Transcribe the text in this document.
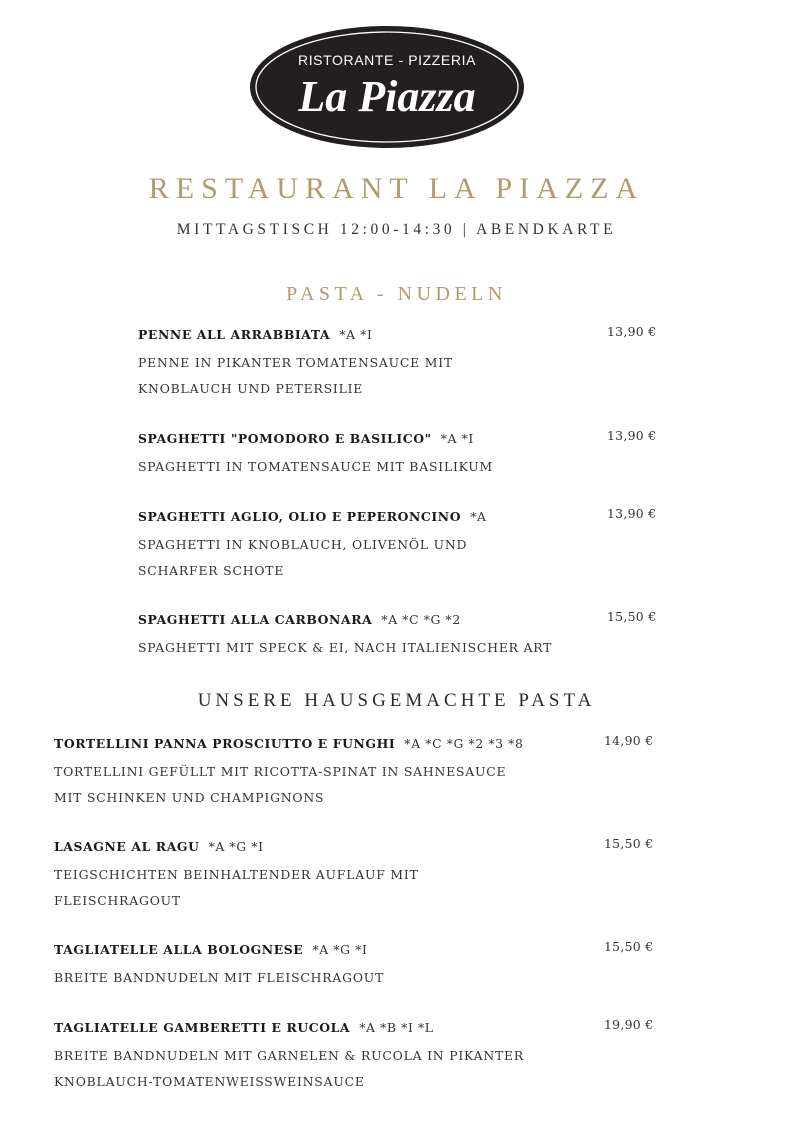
RISTORANTE - PIZZERIA
La Piazza
RESTAURANT LA PIAZZA
MITTAGSTISCH 12:00-14:30 | ABENDKARTE
PASTA - NUDELN
PENNE ALL ARRABBIATA *A *I	13,90 €
PENNE IN PIKANTER TOMATENSAUCE MIT
KNOBLAUCH UND PETERSILIE
SPAGHETTI "POMODORO E BASILICO" *A *I	13,90 €
SPAGHETTI IN TOMATENSAUCE MIT BASILIKUM
SPAGHETTI AGLIO, OLIO E PEPERONCINO *A	13,90 €
SPAGHETTI IN KNOBLAUCH, OLIVENÖL UND
SCHARFER SCHOTE
SPAGHETTI ALLA CARBONARA *A *C *G *2	15,50 €
SPAGHETTI MIT SPECK & EI, NACH ITALIENISCHER ART
UNSERE HAUSGEMACHTE PASTA
TORTELLINI PANNA PROSCIUTTO E FUNGHI *A *C *G *2 *3 *8	14,90 €
TORTELLINI GEFÜLLT MIT RICOTTA-SPINAT IN SAHNESAUCE
MIT SCHINKEN UND CHAMPIGNONS
LASAGNE AL RAGU *A *G *I	15,50 €
TEIGSCHICHTEN BEINHALTENDER AUFLAUF MIT
FLEISCHRAGOUT
TAGLIATELLE ALLA BOLOGNESE *A *G *I	15,50 €
BREITE BANDNUDELN MIT FLEISCHRAGOUT
TAGLIATELLE GAMBERETTI E RUCOLA *A *B *I *L	19,90 €
BREITE BANDNUDELN MIT GARNELEN & RUCOLA IN PIKANTER
KNOBLAUCH-TOMATENWEISSWEINSAUCE
